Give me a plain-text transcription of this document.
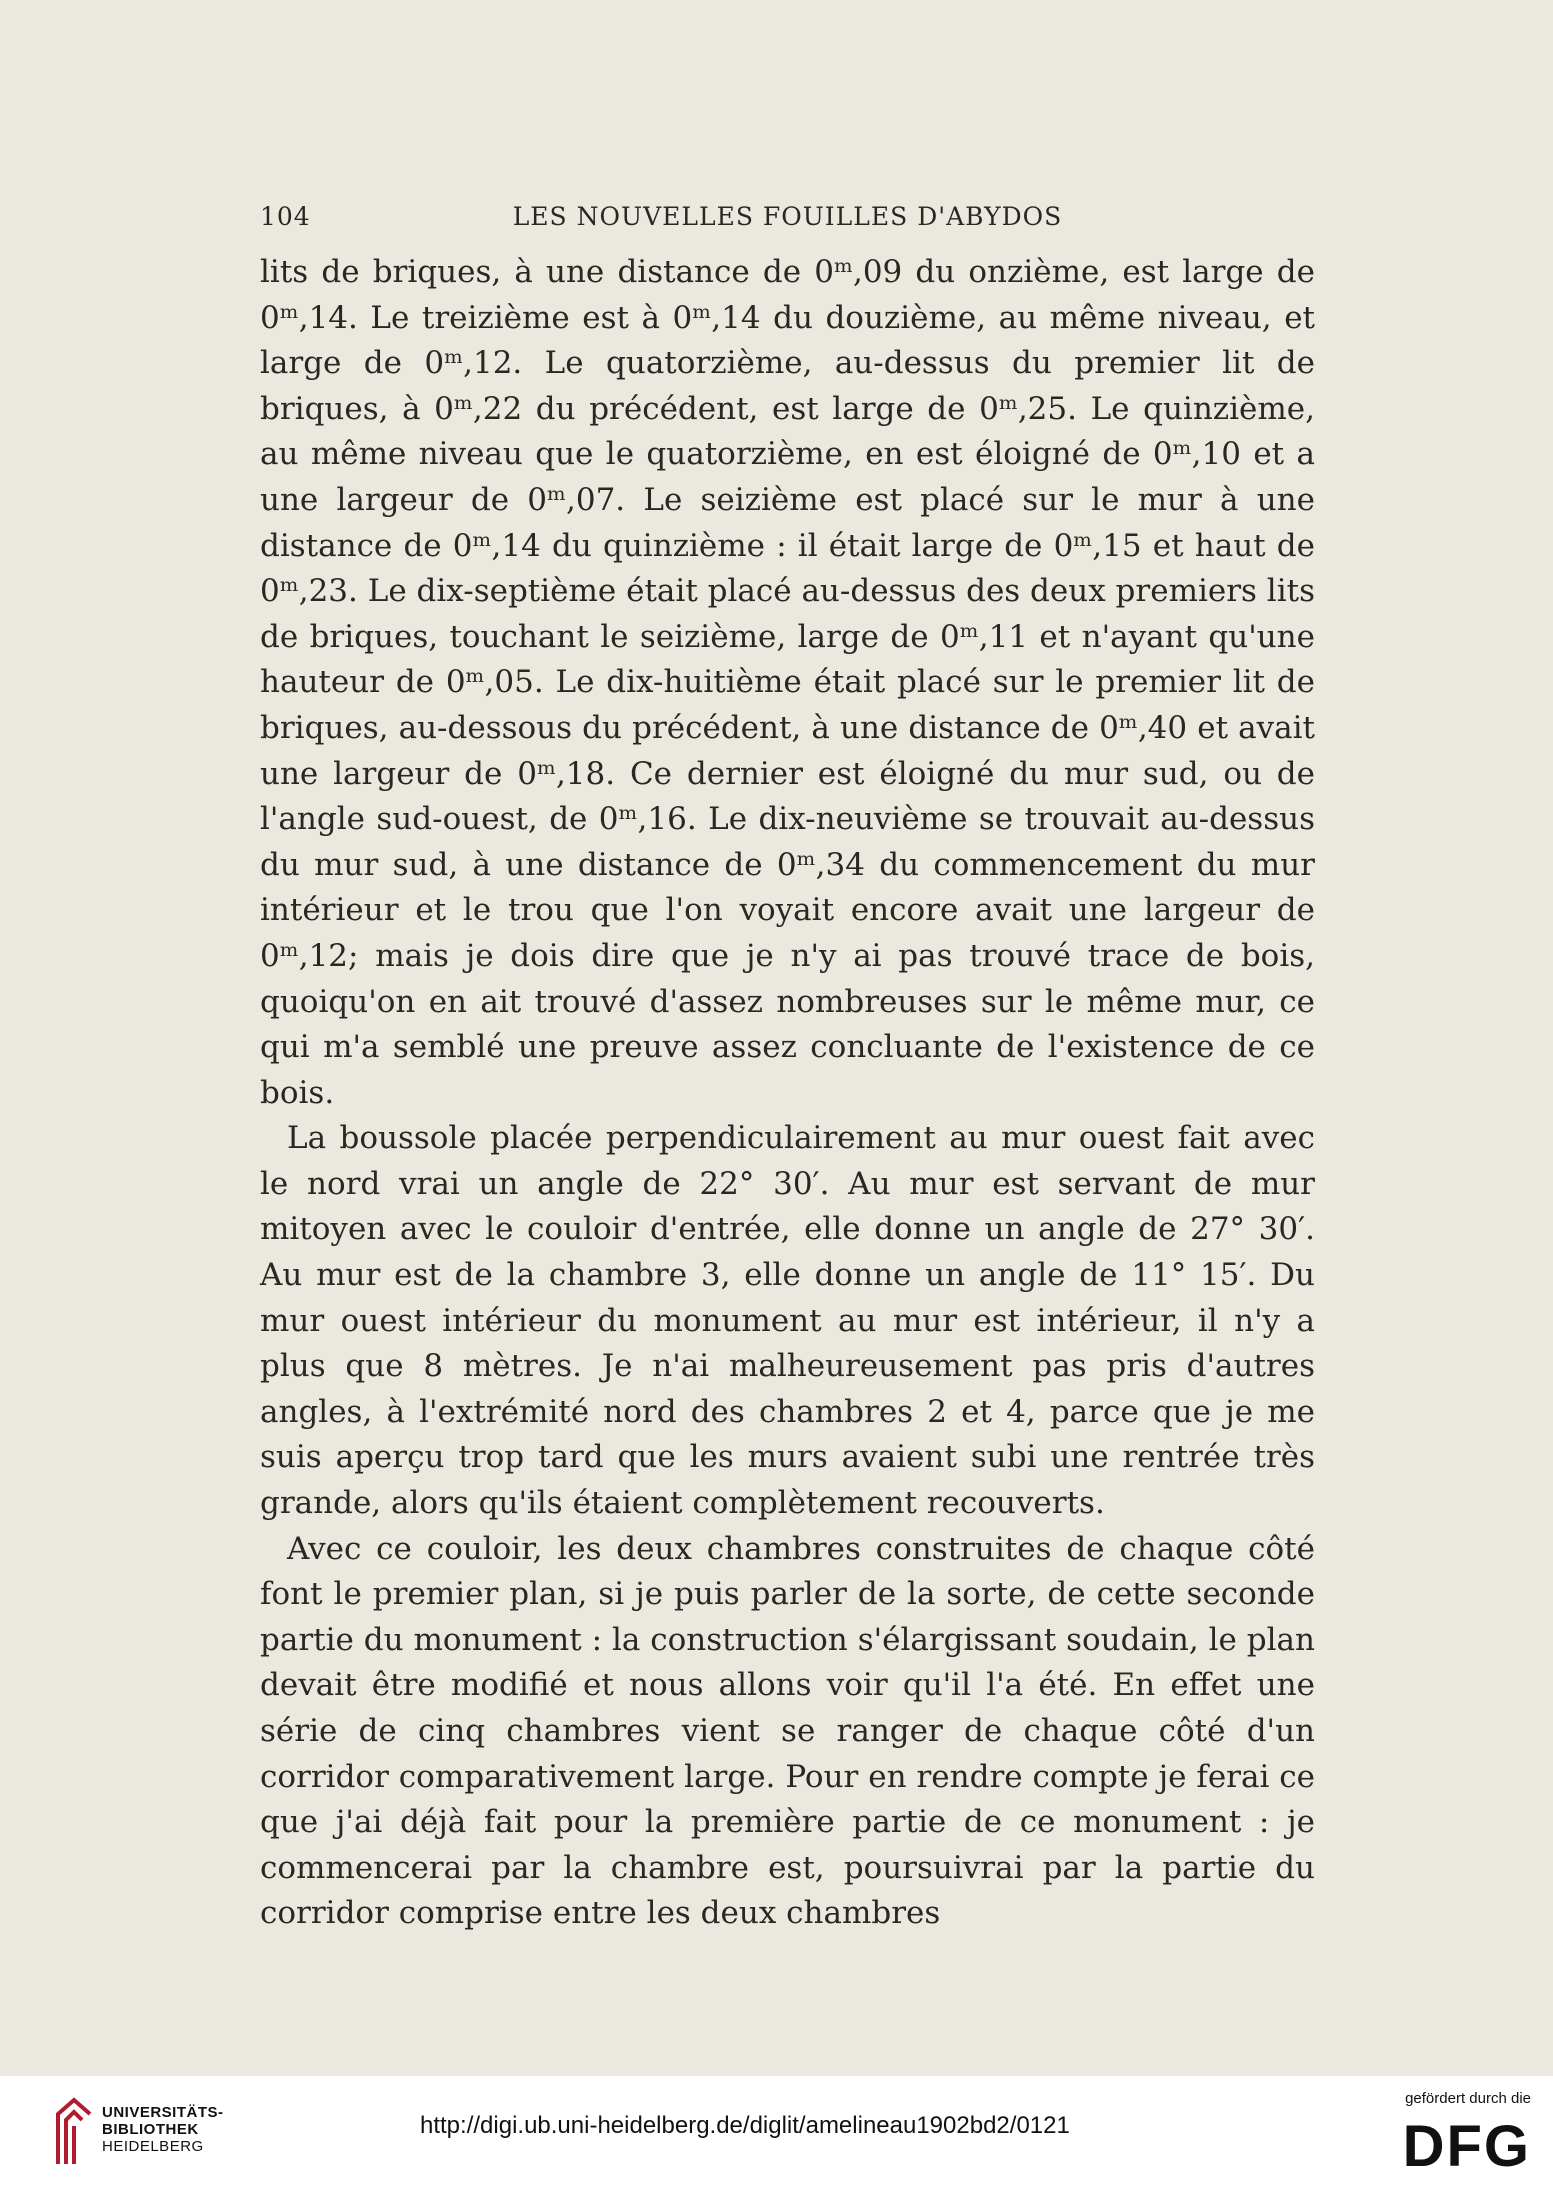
104	LES NOUVELLES FOUILLES D'ABYDOS

lits de briques, à une distance de 0ᵐ,09 du onzième, est large de 0ᵐ,14. Le treizième est à 0ᵐ,14 du douzième, au même niveau, et large de 0ᵐ,12. Le quatorzième, au-dessus du premier lit de briques, à 0ᵐ,22 du précédent, est large de 0ᵐ,25. Le quinzième, au même niveau que le quatorzième, en est éloigné de 0ᵐ,10 et a une largeur de 0ᵐ,07. Le seizième est placé sur le mur à une distance de 0ᵐ,14 du quinzième : il était large de 0ᵐ,15 et haut de 0ᵐ,23. Le dix-septième était placé au-dessus des deux premiers lits de briques, touchant le seizième, large de 0ᵐ,11 et n'ayant qu'une hauteur de 0ᵐ,05. Le dix-huitième était placé sur le premier lit de briques, au-dessous du précédent, à une distance de 0ᵐ,40 et avait une largeur de 0ᵐ,18. Ce dernier est éloigné du mur sud, ou de l'angle sud-ouest, de 0ᵐ,16. Le dix-neuvième se trouvait au-dessus du mur sud, à une distance de 0ᵐ,34 du commencement du mur intérieur et le trou que l'on voyait encore avait une largeur de 0ᵐ,12; mais je dois dire que je n'y ai pas trouvé trace de bois, quoiqu'on en ait trouvé d'assez nombreuses sur le même mur, ce qui m'a semblé une preuve assez concluante de l'existence de ce bois.

La boussole placée perpendiculairement au mur ouest fait avec le nord vrai un angle de 22° 30′. Au mur est servant de mur mitoyen avec le couloir d'entrée, elle donne un angle de 27° 30′. Au mur est de la chambre 3, elle donne un angle de 11° 15′. Du mur ouest intérieur du monument au mur est intérieur, il n'y a plus que 8 mètres. Je n'ai malheureusement pas pris d'autres angles, à l'extrémité nord des chambres 2 et 4, parce que je me suis aperçu trop tard que les murs avaient subi une rentrée très grande, alors qu'ils étaient complètement recouverts.

Avec ce couloir, les deux chambres construites de chaque côté font le premier plan, si je puis parler de la sorte, de cette seconde partie du monument : la construction s'élargissant soudain, le plan devait être modifié et nous allons voir qu'il l'a été. En effet une série de cinq chambres vient se ranger de chaque côté d'un corridor comparativement large. Pour en rendre compte je ferai ce que j'ai déjà fait pour la première partie de ce monument : je commencerai par la chambre est, poursuivrai par la partie du corridor comprise entre les deux chambres

UNIVERSITÄTS-
BIBLIOTHEK
HEIDELBERG
http://digi.ub.uni-heidelberg.de/diglit/amelineau1902bd2/0121
gefördert durch die
DFG
